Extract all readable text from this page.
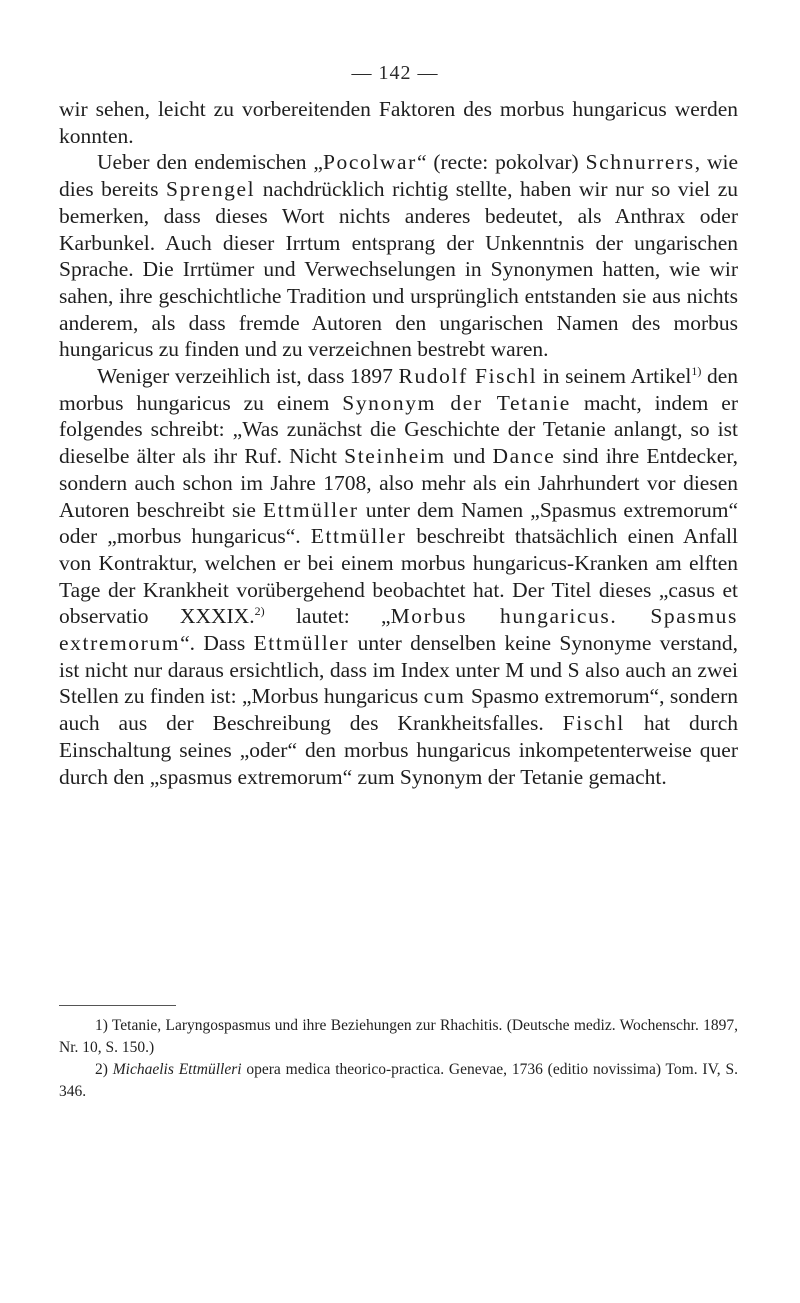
— 142 —

wir sehen, leicht zu vorbereitenden Faktoren des morbus hungaricus werden konnten.

Ueber den endemischen „Pocolwar“ (recte: pokolvar) Schnurrers, wie dies bereits Sprengel nachdrücklich richtig stellte, haben wir nur so viel zu bemerken, dass dieses Wort nichts anderes bedeutet, als Anthrax oder Karbunkel. Auch dieser Irrtum entsprang der Unkenntnis der ungarischen Sprache. Die Irrtümer und Verwechselungen in Synonymen hatten, wie wir sahen, ihre geschichtliche Tradition und ursprünglich entstanden sie aus nichts anderem, als dass fremde Autoren den ungarischen Namen des morbus hungaricus zu finden und zu verzeichnen bestrebt waren.

Weniger verzeihlich ist, dass 1897 Rudolf Fischl in seinem Artikel$^{1)}$ den morbus hungaricus zu einem Synonym der Tetanie macht, indem er folgendes schreibt: „Was zunächst die Geschichte der Tetanie anlangt, so ist dieselbe älter als ihr Ruf. Nicht Steinheim und Dance sind ihre Entdecker, sondern auch schon im Jahre 1708, also mehr als ein Jahrhundert vor diesen Autoren beschreibt sie Ettmüller unter dem Namen „Spasmus extremorum“ oder „morbus hungaricus“. Ettmüller beschreibt thatsächlich einen Anfall von Kontraktur, welchen er bei einem morbus hungaricus-Kranken am elften Tage der Krankheit vorübergehend beobachtet hat. Der Titel dieses „casus et observatio XXXIX.$^{2)}$ lautet: „Morbus hungaricus. Spasmus extremorum“. Dass Ettmüller unter denselben keine Synonyme verstand, ist nicht nur daraus ersichtlich, dass im Index unter M und S also auch an zwei Stellen zu finden ist: „Morbus hungaricus cum Spasmo extremorum“, sondern auch aus der Beschreibung des Krankheitsfalles. Fischl hat durch Einschaltung seines „oder“ den morbus hungaricus inkompetenterweise quer durch den „spasmus extremorum“ zum Synonym der Tetanie gemacht.

1) Tetanie, Laryngospasmus und ihre Beziehungen zur Rhachitis. (Deutsche mediz. Wochenschr. 1897, Nr. 10, S. 150.)

2) Michaelis Ettmülleri opera medica theorico-practica. Genevae, 1736 (editio novissima) Tom. IV, S. 346.
